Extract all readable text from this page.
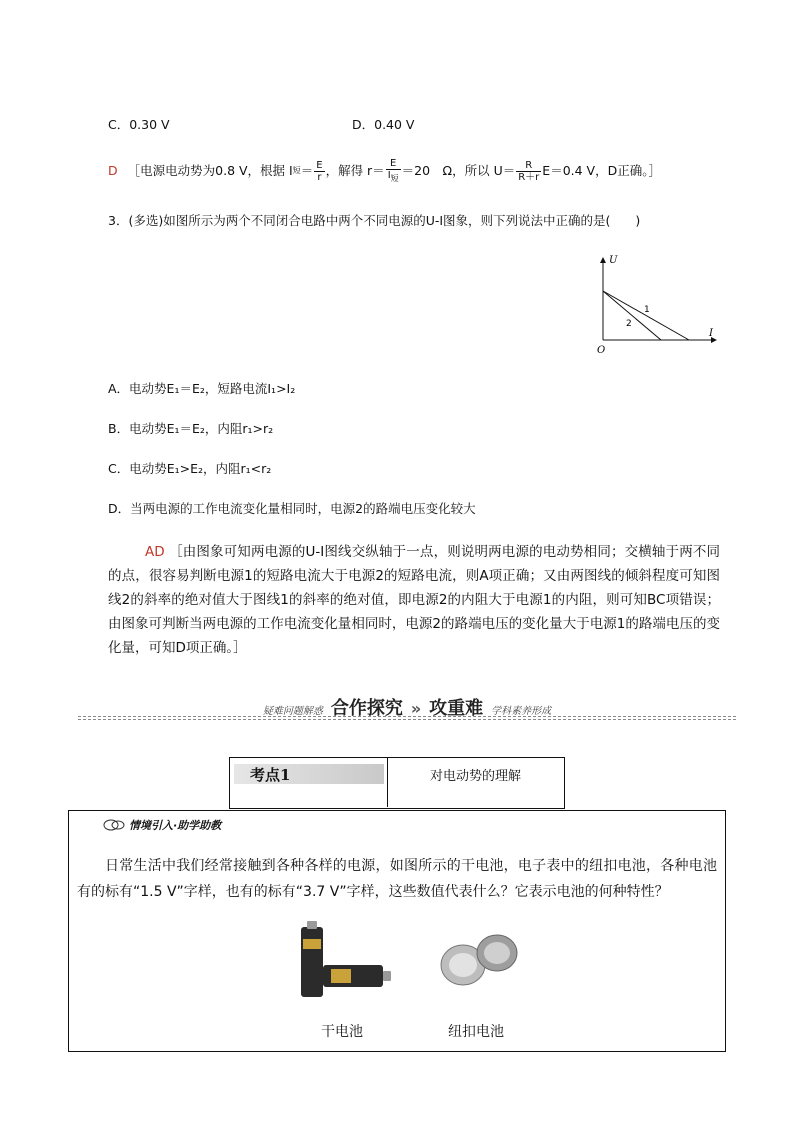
C．0.30 V	D．0.40 V
D ［电源电动势为0.8 V，根据 I 短 ＝ $\frac{E}{r}$ ，解得 $r= \frac{E}{I_短} =20$　Ω，所以 $U= \frac{R}{R+r} E=0.4$ V，D正确。］
3．(多选)如图所示为两个不同闭合电路中两个不同电源的U-I图象，则下列说法中正确的是(　　)
U
I
O
1
2
A．电动势E₁＝E₂，短路电流I₁>I₂
B．电动势E₁＝E₂，内阻r₁>r₂
C．电动势E₁>E₂，内阻r₁<r₂
D．当两电源的工作电流变化量相同时，电源2的路端电压变化较大
AD ［由图象可知两电源的U-I图线交纵轴于一点，则说明两电源的电动势相同；交横轴于两不同的点，很容易判断电源1的短路电流大于电源2的短路电流，则A项正确；又由两图线的倾斜程度可知图线2的斜率的绝对值大于图线1的斜率的绝对值，即电源2的内阻大于电源1的内阻，则可知BC项错误；由图象可判断当两电源的工作电流变化量相同时，电源2的路端电压的变化量大于电源1的路端电压的变化量，可知D项正确。］
疑难问题解惑 合作探究 » 攻重难 学科素养形成
考点1	对电动势的理解
情境引入·助学助教
日常生活中我们经常接触到各种各样的电源，如图所示的干电池，电子表中的纽扣电池，各种电池有的标有“1.5 V”字样，也有的标有“3.7 V”字样，这些数值代表什么？它表示电池的何种特性？
干电池	纽扣电池
